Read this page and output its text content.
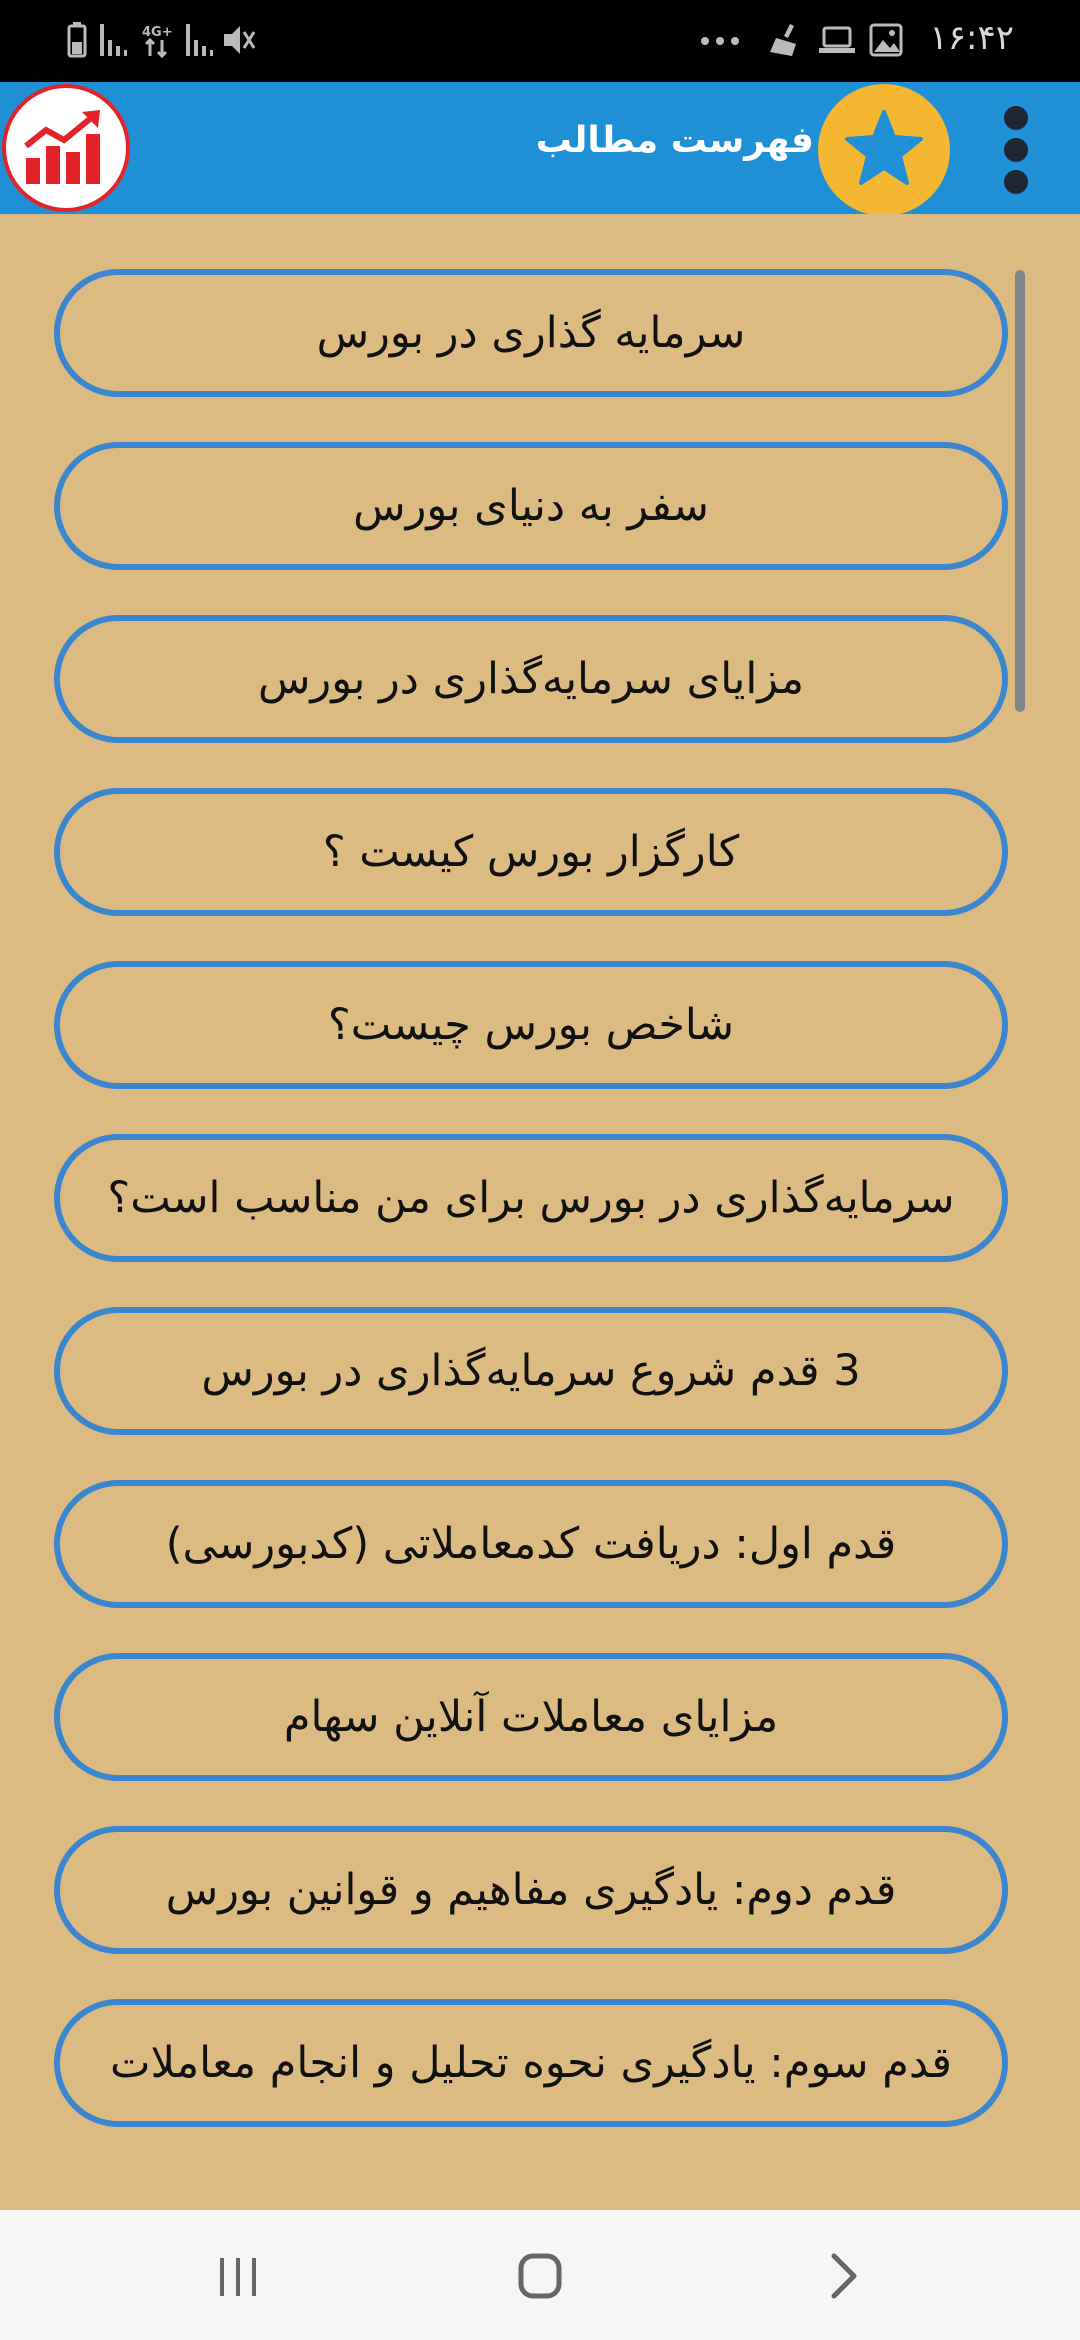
4G+	۱۶:۴۲
فهرست مطالب
سرمایه گذاری در بورس
سفر به دنیای بورس
مزایای سرمایه‌گذاری در بورس
کارگزار بورس کیست ؟
شاخص بورس چیست؟
سرمایه‌گذاری در بورس برای من مناسب است؟
3 قدم شروع سرمایه‌گذاری در بورس
قدم اول: دریافت کدمعاملاتی (کدبورسی)
مزایای معاملات آنلاین سهام
قدم دوم: یادگیری مفاهیم و قوانین بورس
قدم سوم: یادگیری نحوه تحلیل و انجام معاملات
